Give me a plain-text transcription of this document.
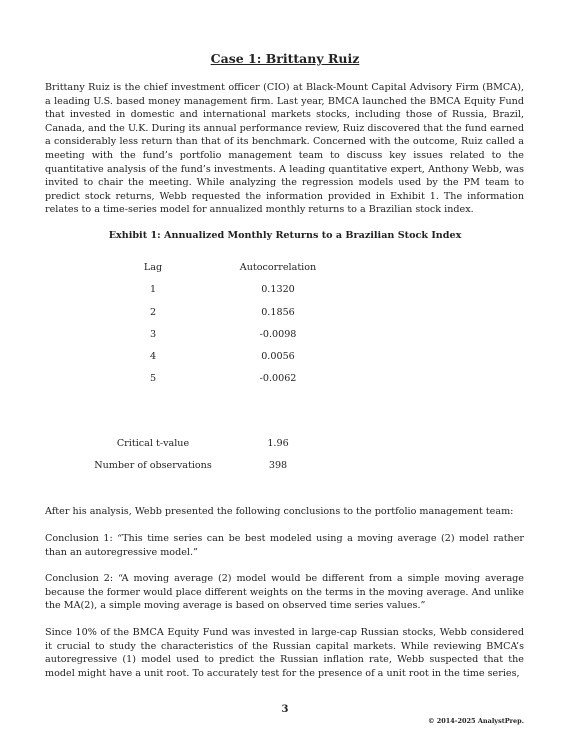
Case 1: Brittany Ruiz

Brittany Ruiz is the chief investment officer (CIO) at Black-Mount Capital Advisory Firm (BMCA), a leading U.S. based money management firm. Last year, BMCA launched the BMCA Equity Fund that invested in domestic and international markets stocks, including those of Russia, Brazil, Canada, and the U.K. During its annual performance review, Ruiz discovered that the fund earned a considerably less return than that of its benchmark. Concerned with the outcome, Ruiz called a meeting with the fund’s portfolio management team to discuss key issues related to the quantitative analysis of the fund’s investments. A leading quantitative expert, Anthony Webb, was invited to chair the meeting. While analyzing the regression models used by the PM team to predict stock returns, Webb requested the information provided in Exhibit 1. The information relates to a time-series model for annualized monthly returns to a Brazilian stock index.

Exhibit 1: Annualized Monthly Returns to a Brazilian Stock Index
Lag	Autocorrelation
1	0.1320
2	0.1856
3	-0.0098
4	0.0056
5	-0.0062
Critical t-value	1.96
Number of observations	398

After his analysis, Webb presented the following conclusions to the portfolio management team:

Conclusion 1: “This time series can be best modeled using a moving average (2) model rather than an autoregressive model.”

Conclusion 2: “A moving average (2) model would be different from a simple moving average because the former would place different weights on the terms in the moving average. And unlike the MA(2), a simple moving average is based on observed time series values.”

Since 10% of the BMCA Equity Fund was invested in large-cap Russian stocks, Webb considered it crucial to study the characteristics of the Russian capital markets. While reviewing BMCA’s autoregressive (1) model used to predict the Russian inflation rate, Webb suspected that the model might have a unit root. To accurately test for the presence of a unit root in the time series,

3
© 2014-2025 AnalystPrep.
